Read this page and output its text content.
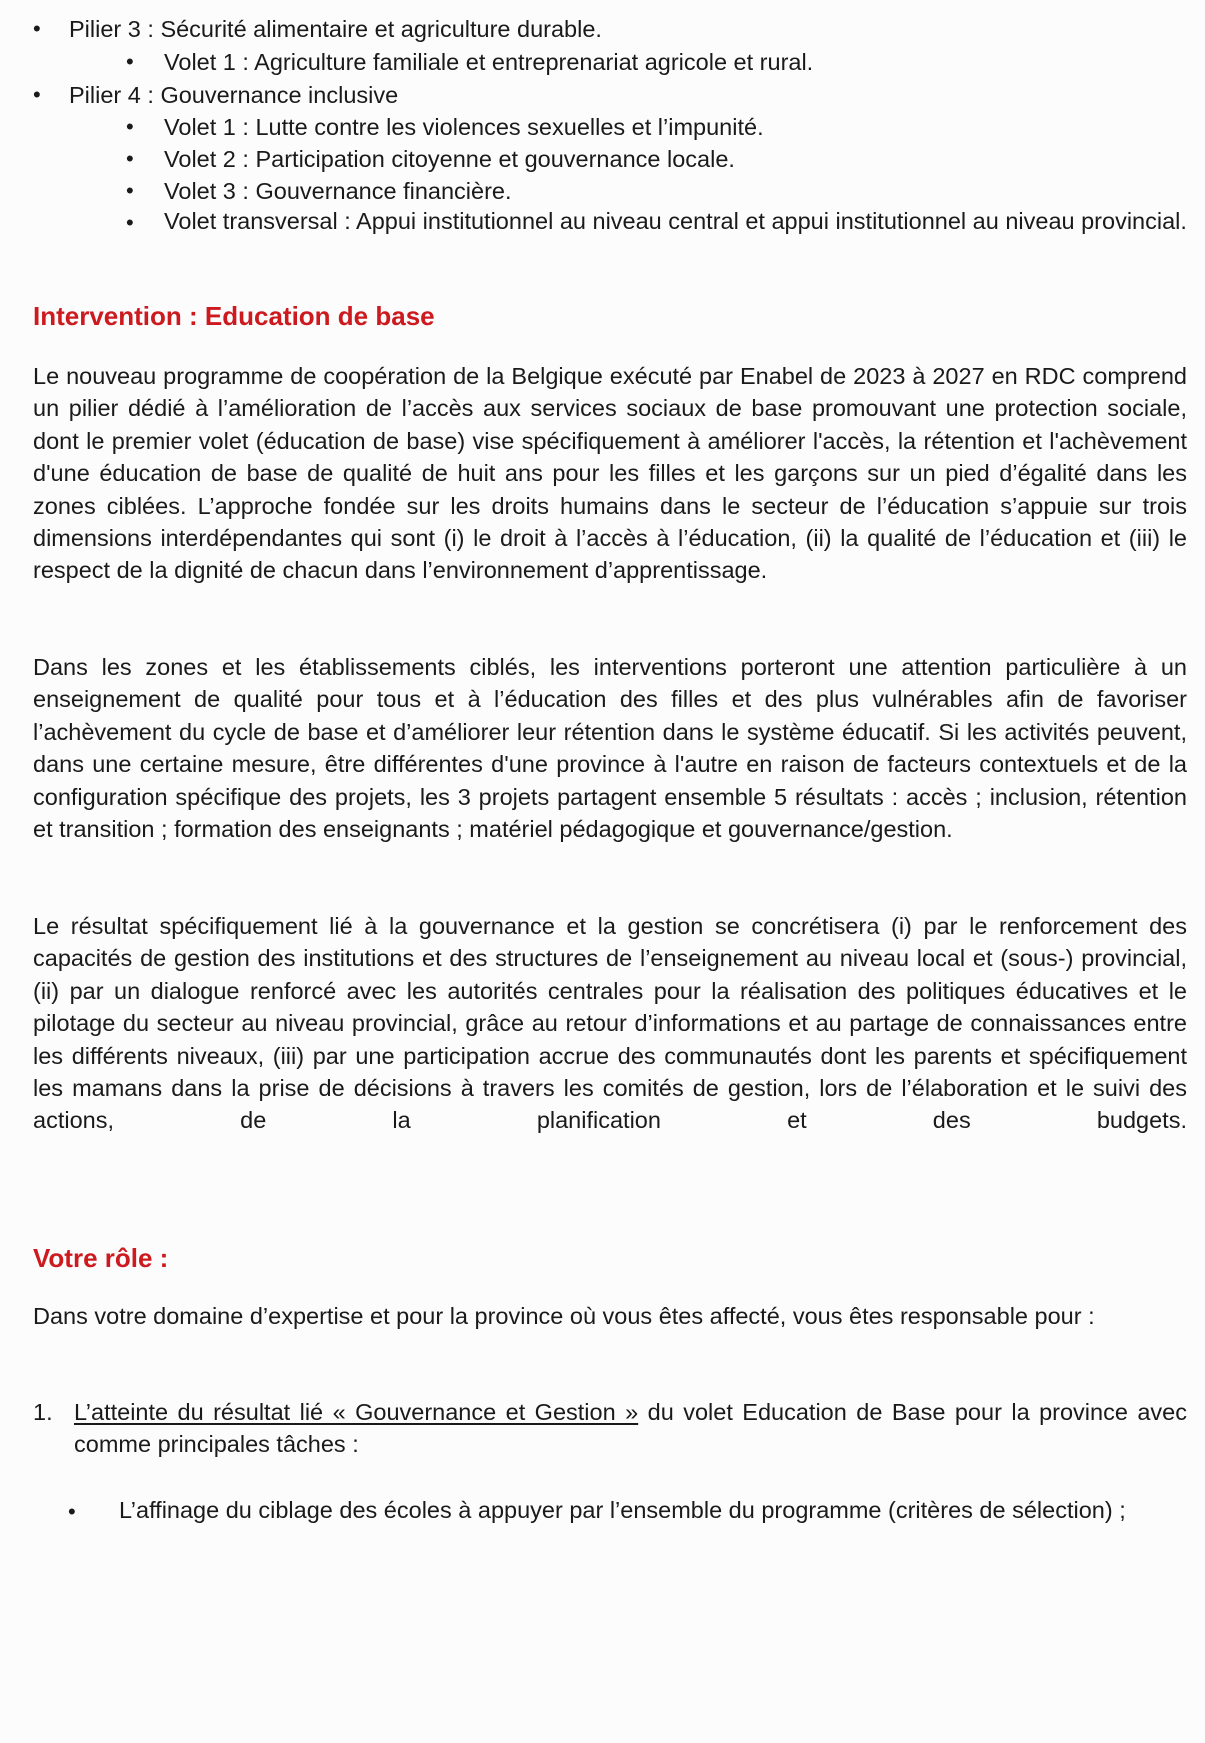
• Pilier 3 : Sécurité alimentaire et agriculture durable.
• Volet 1 : Agriculture familiale et entreprenariat agricole et rural.
• Pilier 4 : Gouvernance inclusive
• Volet 1 : Lutte contre les violences sexuelles et l’impunité.
• Volet 2 : Participation citoyenne et gouvernance locale.
• Volet 3 : Gouvernance financière.
• Volet transversal : Appui institutionnel au niveau central et appui institutionnel au niveau provincial.
Intervention : Education de base
Le nouveau programme de coopération de la Belgique exécuté par Enabel de 2023 à 2027 en RDC comprend un pilier dédié à l’amélioration de l’accès aux services sociaux de base promouvant une protection sociale, dont le premier volet (éducation de base) vise spécifiquement à améliorer l'accès, la rétention et l'achèvement d'une éducation de base de qualité de huit ans pour les filles et les garçons sur un pied d’égalité dans les zones ciblées. L’approche fondée sur les droits humains dans le secteur de l’éducation s’appuie sur trois dimensions interdépendantes qui sont (i) le droit à l’accès à l’éducation, (ii) la qualité de l’éducation et (iii) le respect de la dignité de chacun dans l’environnement d’apprentissage.
Dans les zones et les établissements ciblés, les interventions porteront une attention particulière à un enseignement de qualité pour tous et à l’éducation des filles et des plus vulnérables afin de favoriser l’achèvement du cycle de base et d’améliorer leur rétention dans le système éducatif. Si les activités peuvent, dans une certaine mesure, être différentes d'une province à l'autre en raison de facteurs contextuels et de la configuration spécifique des projets, les 3 projets partagent ensemble 5 résultats : accès ; inclusion, rétention et transition ; formation des enseignants ; matériel pédagogique et gouvernance/gestion.
Le résultat spécifiquement lié à la gouvernance et la gestion se concrétisera (i) par le renforcement des capacités de gestion des institutions et des structures de l’enseignement au niveau local et (sous-) provincial, (ii) par un dialogue renforcé avec les autorités centrales pour la réalisation des politiques éducatives et le pilotage du secteur au niveau provincial, grâce au retour d’informations et au partage de connaissances entre les différents niveaux, (iii) par une participation accrue des communautés dont les parents et spécifiquement les mamans dans la prise de décisions à travers les comités de gestion, lors de l’élaboration et le suivi des actions, de la planification et des budgets.
Votre rôle :
Dans votre domaine d’expertise et pour la province où vous êtes affecté, vous êtes responsable pour :
1. L’atteinte du résultat lié « Gouvernance et Gestion » du volet Education de Base pour la province avec comme principales tâches :
• L’affinage du ciblage des écoles à appuyer par l’ensemble du programme (critères de sélection) ;
